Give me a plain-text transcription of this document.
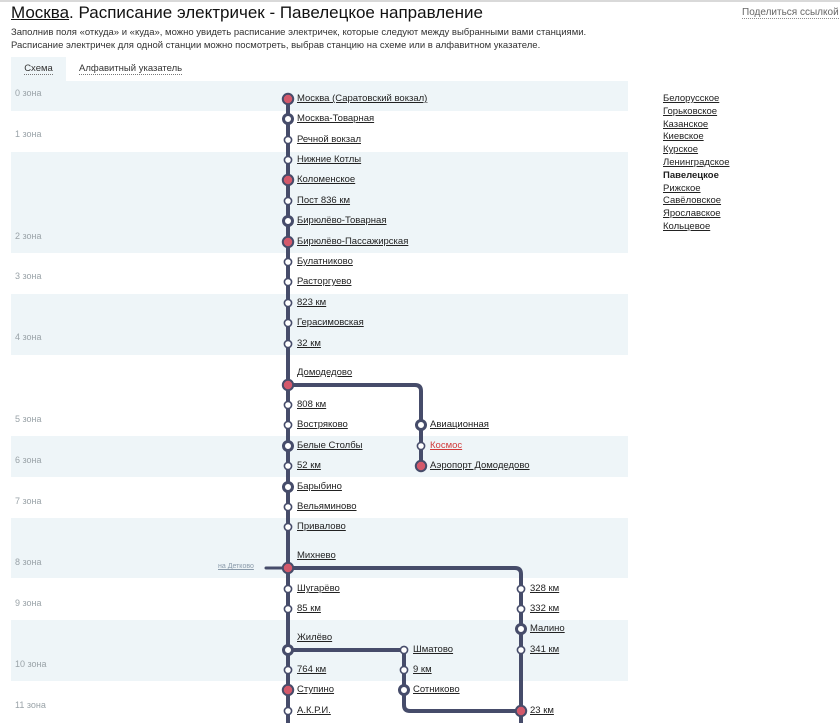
Москва. Расписание электричек - Павелецкое направление	Поделиться ссылкой
Заполнив поля «откуда» и «куда», можно увидеть расписание электричек, которые следуют между выбранными вами станциями. Расписание электричек для одной станции можно посмотреть, выбрав станцию на схеме или в алфавитном указателе.
Схема	Алфавитный указатель
0 зона
1 зона
2 зона
3 зона
4 зона
5 зона
6 зона
7 зона
8 зона
9 зона
10 зона
11 зона
на Детково
Москва (Саратовский вокзал)
Москва-Товарная
Речной вокзал
Нижние Котлы
Коломенское
Пост 836 км
Бирюлёво-Товарная
Бирюлёво-Пассажирская
Булатниково
Расторгуево
823 км
Герасимовская
32 км
Домодедово
808 км
Востряково
Белые Столбы
52 км
Барыбино
Вельяминово
Привалово
Михнево
Шугарёво
85 км
Жилёво
764 км
Ступино
А.К.Р.И.
Авиационная
Космос
Аэропорт Домодедово
Шматово
9 км
Сотниково
328 км
332 км
Малино
341 км
23 км
Белорусское
Горьковское
Казанское
Киевское
Курское
Ленинградское
Павелецкое
Рижское
Савёловское
Ярославское
Кольцевое
